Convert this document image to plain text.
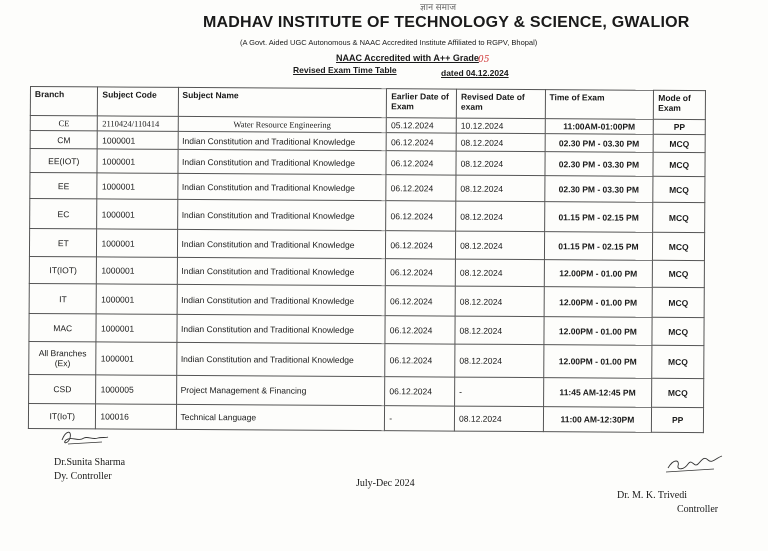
ज्ञान समाज
MADHAV INSTITUTE OF TECHNOLOGY & SCIENCE, GWALIOR
(A Govt. Aided UGC Autonomous & NAAC Accredited Institute Affiliated to RGPV, Bhopal)
NAAC Accredited with A++ Grade 05
Revised Exam Time Table	dated 04.12.2024
Branch	Subject Code	Subject Name	Earlier Date of Exam	Revised Date of exam	Time of Exam	Mode of Exam
CE	2110424/110414	Water Resource Engineering	05.12.2024	10.12.2024	11:00AM-01:00PM	PP
CM	1000001	Indian Constitution and Traditional Knowledge	06.12.2024	08.12.2024	02.30 PM - 03.30 PM	MCQ
EE(IOT)	1000001	Indian Constitution and Traditional Knowledge	06.12.2024	08.12.2024	02.30 PM - 03.30 PM	MCQ
EE	1000001	Indian Constitution and Traditional Knowledge	06.12.2024	08.12.2024	02.30 PM - 03.30 PM	MCQ
EC	1000001	Indian Constitution and Traditional Knowledge	06.12.2024	08.12.2024	01.15 PM - 02.15 PM	MCQ
ET	1000001	Indian Constitution and Traditional Knowledge	06.12.2024	08.12.2024	01.15 PM - 02.15 PM	MCQ
IT(IOT)	1000001	Indian Constitution and Traditional Knowledge	06.12.2024	08.12.2024	12.00PM - 01.00 PM	MCQ
IT	1000001	Indian Constitution and Traditional Knowledge	06.12.2024	08.12.2024	12.00PM - 01.00 PM	MCQ
MAC	1000001	Indian Constitution and Traditional Knowledge	06.12.2024	08.12.2024	12.00PM - 01.00 PM	MCQ
All Branches (Ex)	1000001	Indian Constitution and Traditional Knowledge	06.12.2024	08.12.2024	12.00PM - 01.00 PM	MCQ
CSD	1000005	Project Management & Financing	06.12.2024	-	11:45 AM-12:45 PM	MCQ
IT(IoT)	100016	Technical Language	-	08.12.2024	11:00 AM-12:30PM	PP
Dr.Sunita Sharma
Dy. Controller
July-Dec 2024
Dr. M. K. Trivedi
Controller
